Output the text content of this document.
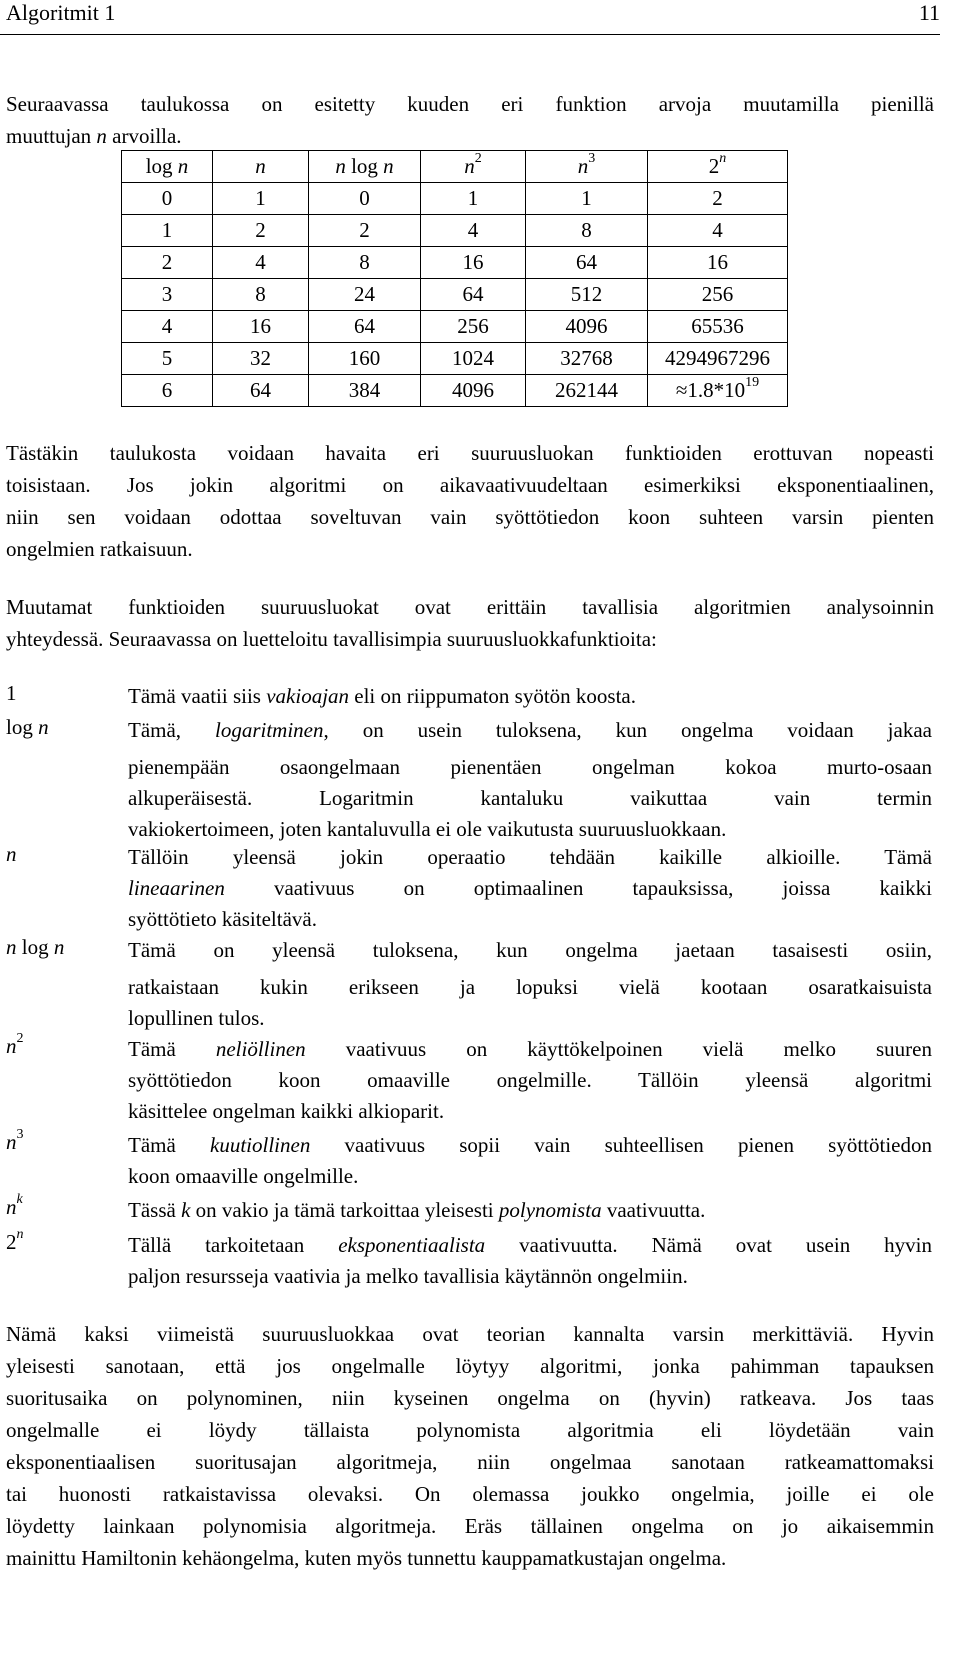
Algoritmit 1	11
Seuraavassa taulukossa on esitetty kuuden eri funktion arvoja muutamilla pienillä
muuttujan n arvoilla.
log n	n	n log n	$n^2$	$n^3$	2$^n$
0	1	0	1	1	2
1	2	2	4	8	4
2	4	8	16	64	16
3	8	24	64	512	256
4	16	64	256	4096	65536
5	32	160	1024	32768	4294967296
6	64	384	4096	262144	$\approx 1.8*10^{19}$
Tästäkin taulukosta voidaan havaita eri suuruusluokan funktioiden erottuvan nopeasti
toisistaan. Jos jokin algoritmi on aikavaativuudeltaan esimerkiksi eksponentiaalinen,
niin sen voidaan odottaa soveltuvan vain syöttötiedon koon suhteen varsin pienten
ongelmien ratkaisuun.
Muutamat funktioiden suuruusluokat ovat erittäin tavallisia algoritmien analysoinnin
yhteydessä. Seuraavassa on luetteloitu tavallisimpia suuruusluokkafunktioita:
1	Tämä vaatii siis vakioajan eli on riippumaton syötön koosta.
log n	Tämä, logaritminen, on usein tuloksena, kun ongelma voidaan jakaa
pienempään osaongelmaan pienentäen ongelman kokoa murto-osaan
alkuperäisestä. Logaritmin kantaluku vaikuttaa vain termin
vakiokertoimeen, joten kantaluvulla ei ole vaikutusta suuruusluokkaan.
n	Tällöin yleensä jokin operaatio tehdään kaikille alkioille. Tämä
lineaarinen vaativuus on optimaalinen tapauksissa, joissa kaikki
syöttötieto käsiteltävä.
n log n	Tämä on yleensä tuloksena, kun ongelma jaetaan tasaisesti osiin,
ratkaistaan kukin erikseen ja lopuksi vielä kootaan osaratkaisuista
lopullinen tulos.
$n^2$	Tämä neliöllinen vaativuus on käyttökelpoinen vielä melko suuren
syöttötiedon koon omaaville ongelmille. Tällöin yleensä algoritmi
käsittelee ongelman kaikki alkioparit.
$n^3$	Tämä kuutiollinen vaativuus sopii vain suhteellisen pienen syöttötiedon
koon omaaville ongelmille.
$n^k$	Tässä k on vakio ja tämä tarkoittaa yleisesti polynomista vaativuutta.
2$^n$	Tällä tarkoitetaan eksponentiaalista vaativuutta. Nämä ovat usein hyvin
paljon resursseja vaativia ja melko tavallisia käytännön ongelmiin.
Nämä kaksi viimeistä suuruusluokkaa ovat teorian kannalta varsin merkittäviä. Hyvin
yleisesti sanotaan, että jos ongelmalle löytyy algoritmi, jonka pahimman tapauksen
suoritusaika on polynominen, niin kyseinen ongelma on (hyvin) ratkeava. Jos taas
ongelmalle ei löydy tällaista polynomista algoritmia eli löydetään vain
eksponentiaalisen suoritusajan algoritmeja, niin ongelmaa sanotaan ratkeamattomaksi
tai huonosti ratkaistavissa olevaksi. On olemassa joukko ongelmia, joille ei ole
löydetty lainkaan polynomisia algoritmeja. Eräs tällainen ongelma on jo aikaisemmin
mainittu Hamiltonin kehäongelma, kuten myös tunnettu kauppamatkustajan ongelma.
